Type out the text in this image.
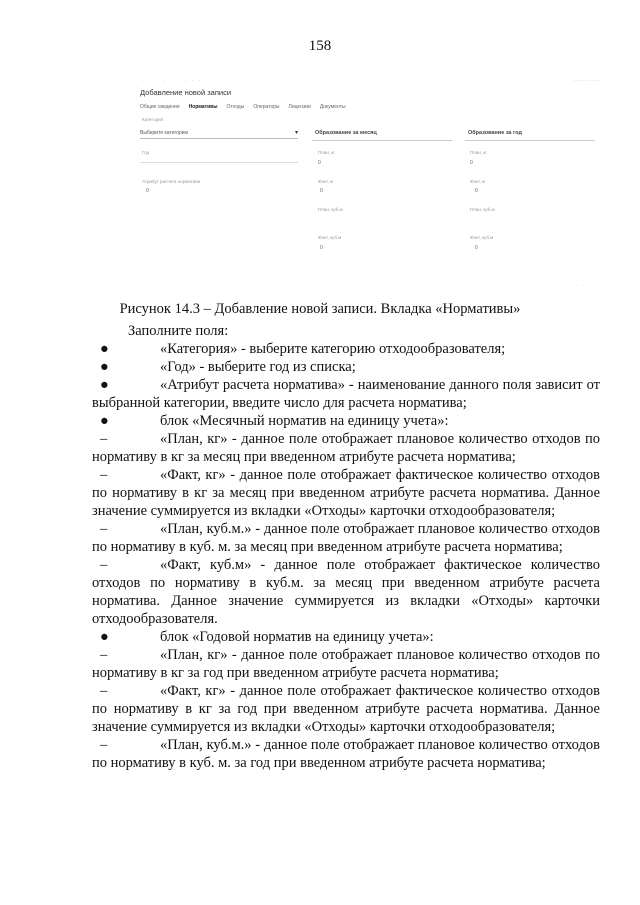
158
· · · · · · · · ·	· · · · · · · · ·
Добавление новой записи
Общие сведения Нормативы Отходы Операторы Лицензии Документы
Категория
Выберите категорию	▾	Образование за месяц	Образование за год
Год
Атрибут расчета норматива
0
План, кг
0
Факт, кг
0
План, куб.м
Факт, куб.м
0
План, кг
0
Факт, кг
0
План, куб.м
Факт, куб.м
0
· · · · · · ·
Рисунок 14.3 – Добавление новой записи. Вкладка «Нормативы»

Заполните поля:

●	«Категория» - выберите категорию отходообразователя;

●	«Год» - выберите год из списка;

●	«Атрибут расчета норматива» - наименование данного поля зависит от выбранной категории, введите число для расчета норматива;

●	блок «Месячный норматив на единицу учета»:

–	«План, кг» - данное поле отображает плановое количество отходов по нормативу в кг за месяц при введенном атрибуте расчета норматива;

–	«Факт, кг» - данное поле отображает фактическое количество отходов по нормативу в кг за месяц при введенном атрибуте расчета норматива. Данное значение суммируется из вкладки «Отходы» карточки отходообразователя;

–	«План, куб.м.» - данное поле отображает плановое количество отходов по нормативу в куб. м. за месяц при введенном атрибуте расчета норматива;

–	«Факт, куб.м» - данное поле отображает фактическое количество отходов по нормативу в куб.м. за месяц при введенном атрибуте расчета норматива. Данное значение суммируется из вкладки «Отходы» карточки отходообразователя.

●	блок «Годовой норматив на единицу учета»:

–	«План, кг» - данное поле отображает плановое количество отходов по нормативу в кг за год при введенном атрибуте расчета норматива;

–	«Факт, кг» - данное поле отображает фактическое количество отходов по нормативу в кг за год при введенном атрибуте расчета норматива. Данное значение суммируется из вкладки «Отходы» карточки отходообразователя;

–	«План, куб.м.» - данное поле отображает плановое количество отходов по нормативу в куб. м. за год при введенном атрибуте расчета норматива;
